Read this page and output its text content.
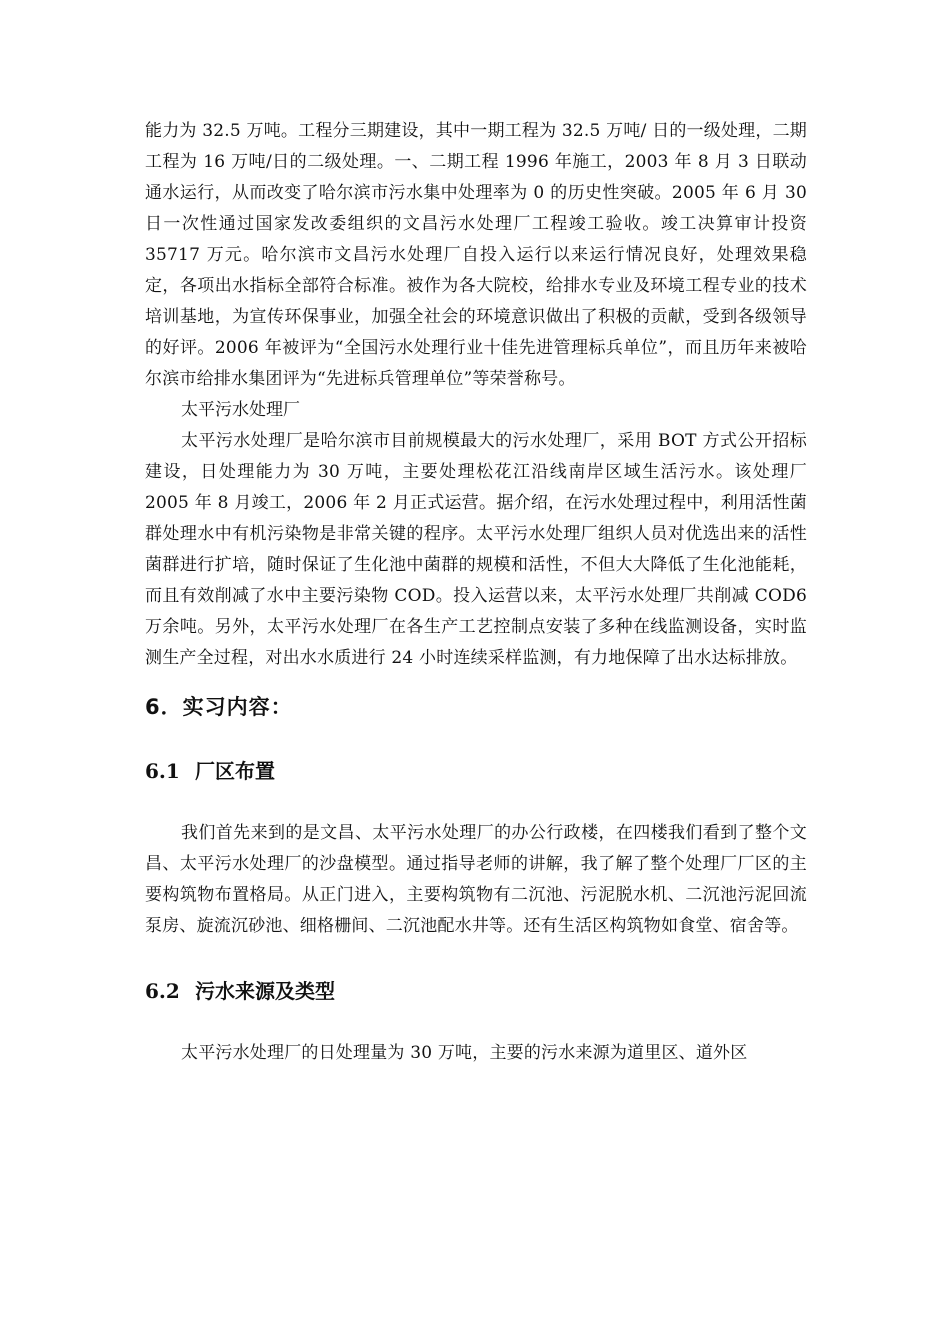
能力为 32.5 万吨。工程分三期建设，其中一期工程为 32.5 万吨/ 日的一级处理，二期工程为 16 万吨/日的二级处理。一、二期工程 1996 年施工，2003 年 8 月 3 日联动通水运行，从而改变了哈尔滨市污水集中处理率为 0 的历史性突破。2005 年 6 月 30 日一次性通过国家发改委组织的文昌污水处理厂工程竣工验收。竣工决算审计投资 35717 万元。哈尔滨市文昌污水处理厂自投入运行以来运行情况良好，处理效果稳定，各项出水指标全部符合标准。被作为各大院校，给排水专业及环境工程专业的技术培训基地，为宣传环保事业，加强全社会的环境意识做出了积极的贡献，受到各级领导的好评。2006 年被评为“全国污水处理行业十佳先进管理标兵单位”，而且历年来被哈尔滨市给排水集团评为“先进标兵管理单位”等荣誉称号。

太平污水处理厂

太平污水处理厂是哈尔滨市目前规模最大的污水处理厂，采用 BOT 方式公开招标建设，日处理能力为 30 万吨，主要处理松花江沿线南岸区域生活污水。该处理厂 2005 年 8 月竣工，2006 年 2 月正式运营。据介绍，在污水处理过程中，利用活性菌群处理水中有机污染物是非常关键的程序。太平污水处理厂组织人员对优选出来的活性菌群进行扩培，随时保证了生化池中菌群的规模和活性，不但大大降低了生化池能耗，而且有效削减了水中主要污染物 COD。投入运营以来，太平污水处理厂共削减 COD6 万余吨。另外，太平污水处理厂在各生产工艺控制点安装了多种在线监测设备，实时监测生产全过程，对出水水质进行 24 小时连续采样监测，有力地保障了出水达标排放。

6．实习内容：
6.1 厂区布置

我们首先来到的是文昌、太平污水处理厂的办公行政楼，在四楼我们看到了整个文昌、太平污水处理厂的沙盘模型。通过指导老师的讲解，我了解了整个处理厂厂区的主要构筑物布置格局。从正门进入，主要构筑物有二沉池、污泥脱水机、二沉池污泥回流泵房、旋流沉砂池、细格栅间、二沉池配水井等。还有生活区构筑物如食堂、宿舍等。

6.2 污水来源及类型

太平污水处理厂的日处理量为 30 万吨，主要的污水来源为道里区、道外区
